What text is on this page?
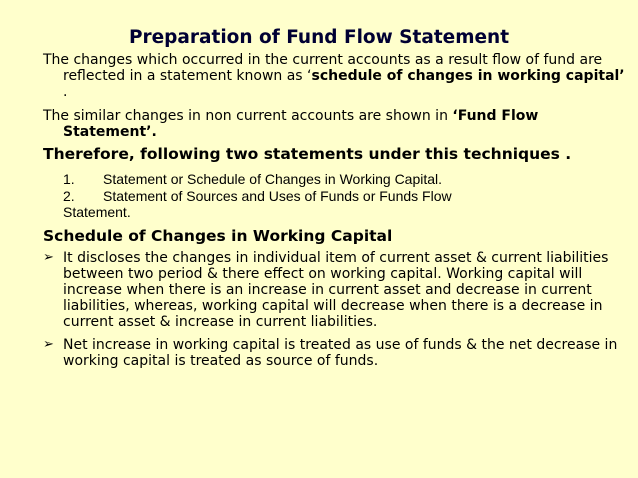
Preparation of Fund Flow Statement
The changes which occurred in the current accounts as a result flow of fund are reflected in a statement known as ‘schedule of changes in working capital’ .
The similar changes in non current accounts are shown in ‘Fund Flow Statement’.
Therefore, following two statements under this techniques .
1. Statement or Schedule of Changes in Working Capital.
2. Statement of Sources and Uses of Funds or Funds Flow
Statement.
Schedule of Changes in Working Capital
➢ It discloses the changes in individual item of current asset & current liabilities between two period & there effect on working capital. Working capital will increase when there is an increase in current asset and decrease in current liabilities, whereas, working capital will decrease when there is a decrease in current asset & increase in current liabilities.
➢ Net increase in working capital is treated as use of funds & the net decrease in working capital is treated as source of funds.
